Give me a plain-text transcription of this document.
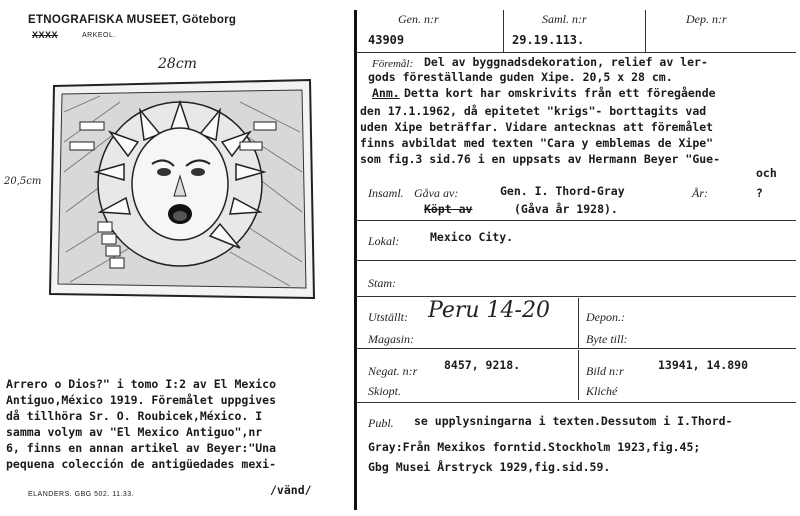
ETNOGRAFISKA MUSEET, Göteborg
XXXX	ARKEOL.
28cm
20,5cm
Arrero o Dios?" i tomo I:2 av El Mexico
Antiguo,México 1919. Föremålet uppgives
då tillhöra Sr. O. Roubicek,México. I
samma volym av "El Mexico Antiguo",nr
6, finns en annan artikel av Beyer:"Una
pequena colección de antigüedades mexi-
/vänd/
ELANDERS. GBG 502. 11.33.
Gen. n:r	Saml. n:r	Dep. n:r
43909	29.19.113.
Föremål: Del av byggnadsdekoration, relief av ler-
gods föreställande guden Xipe. 20,5 x 28 cm.
Anm. Detta kort har omskrivits från ett föregående
den 17.1.1962, då epitetet "krigs"- borttagits vad
uden Xipe beträffar. Vidare antecknas att föremålet
finns avbildat med texten "Cara y emblemas de Xipe"
som fig.3 sid.76 i en uppsats av Hermann Beyer "Gue-
och
Insaml. Gåva av:	Gen. I. Thord-Gray	År:	?
Köpt av	(Gåva år 1928).
Lokal:	Mexico City.
Stam:
Utställt: Peru 14-20	Depon.:
Magasin:	Byte till:
Negat. n:r 8457, 9218.	Bild n:r	13941, 14.890
Skiopt.	Kliché
Publ. se upplysningarna i texten.Dessutom i I.Thord-
Gray:Från Mexikos forntid.Stockholm 1923,fig.45;
Gbg Musei Årstryck 1929,fig.sid.59.
